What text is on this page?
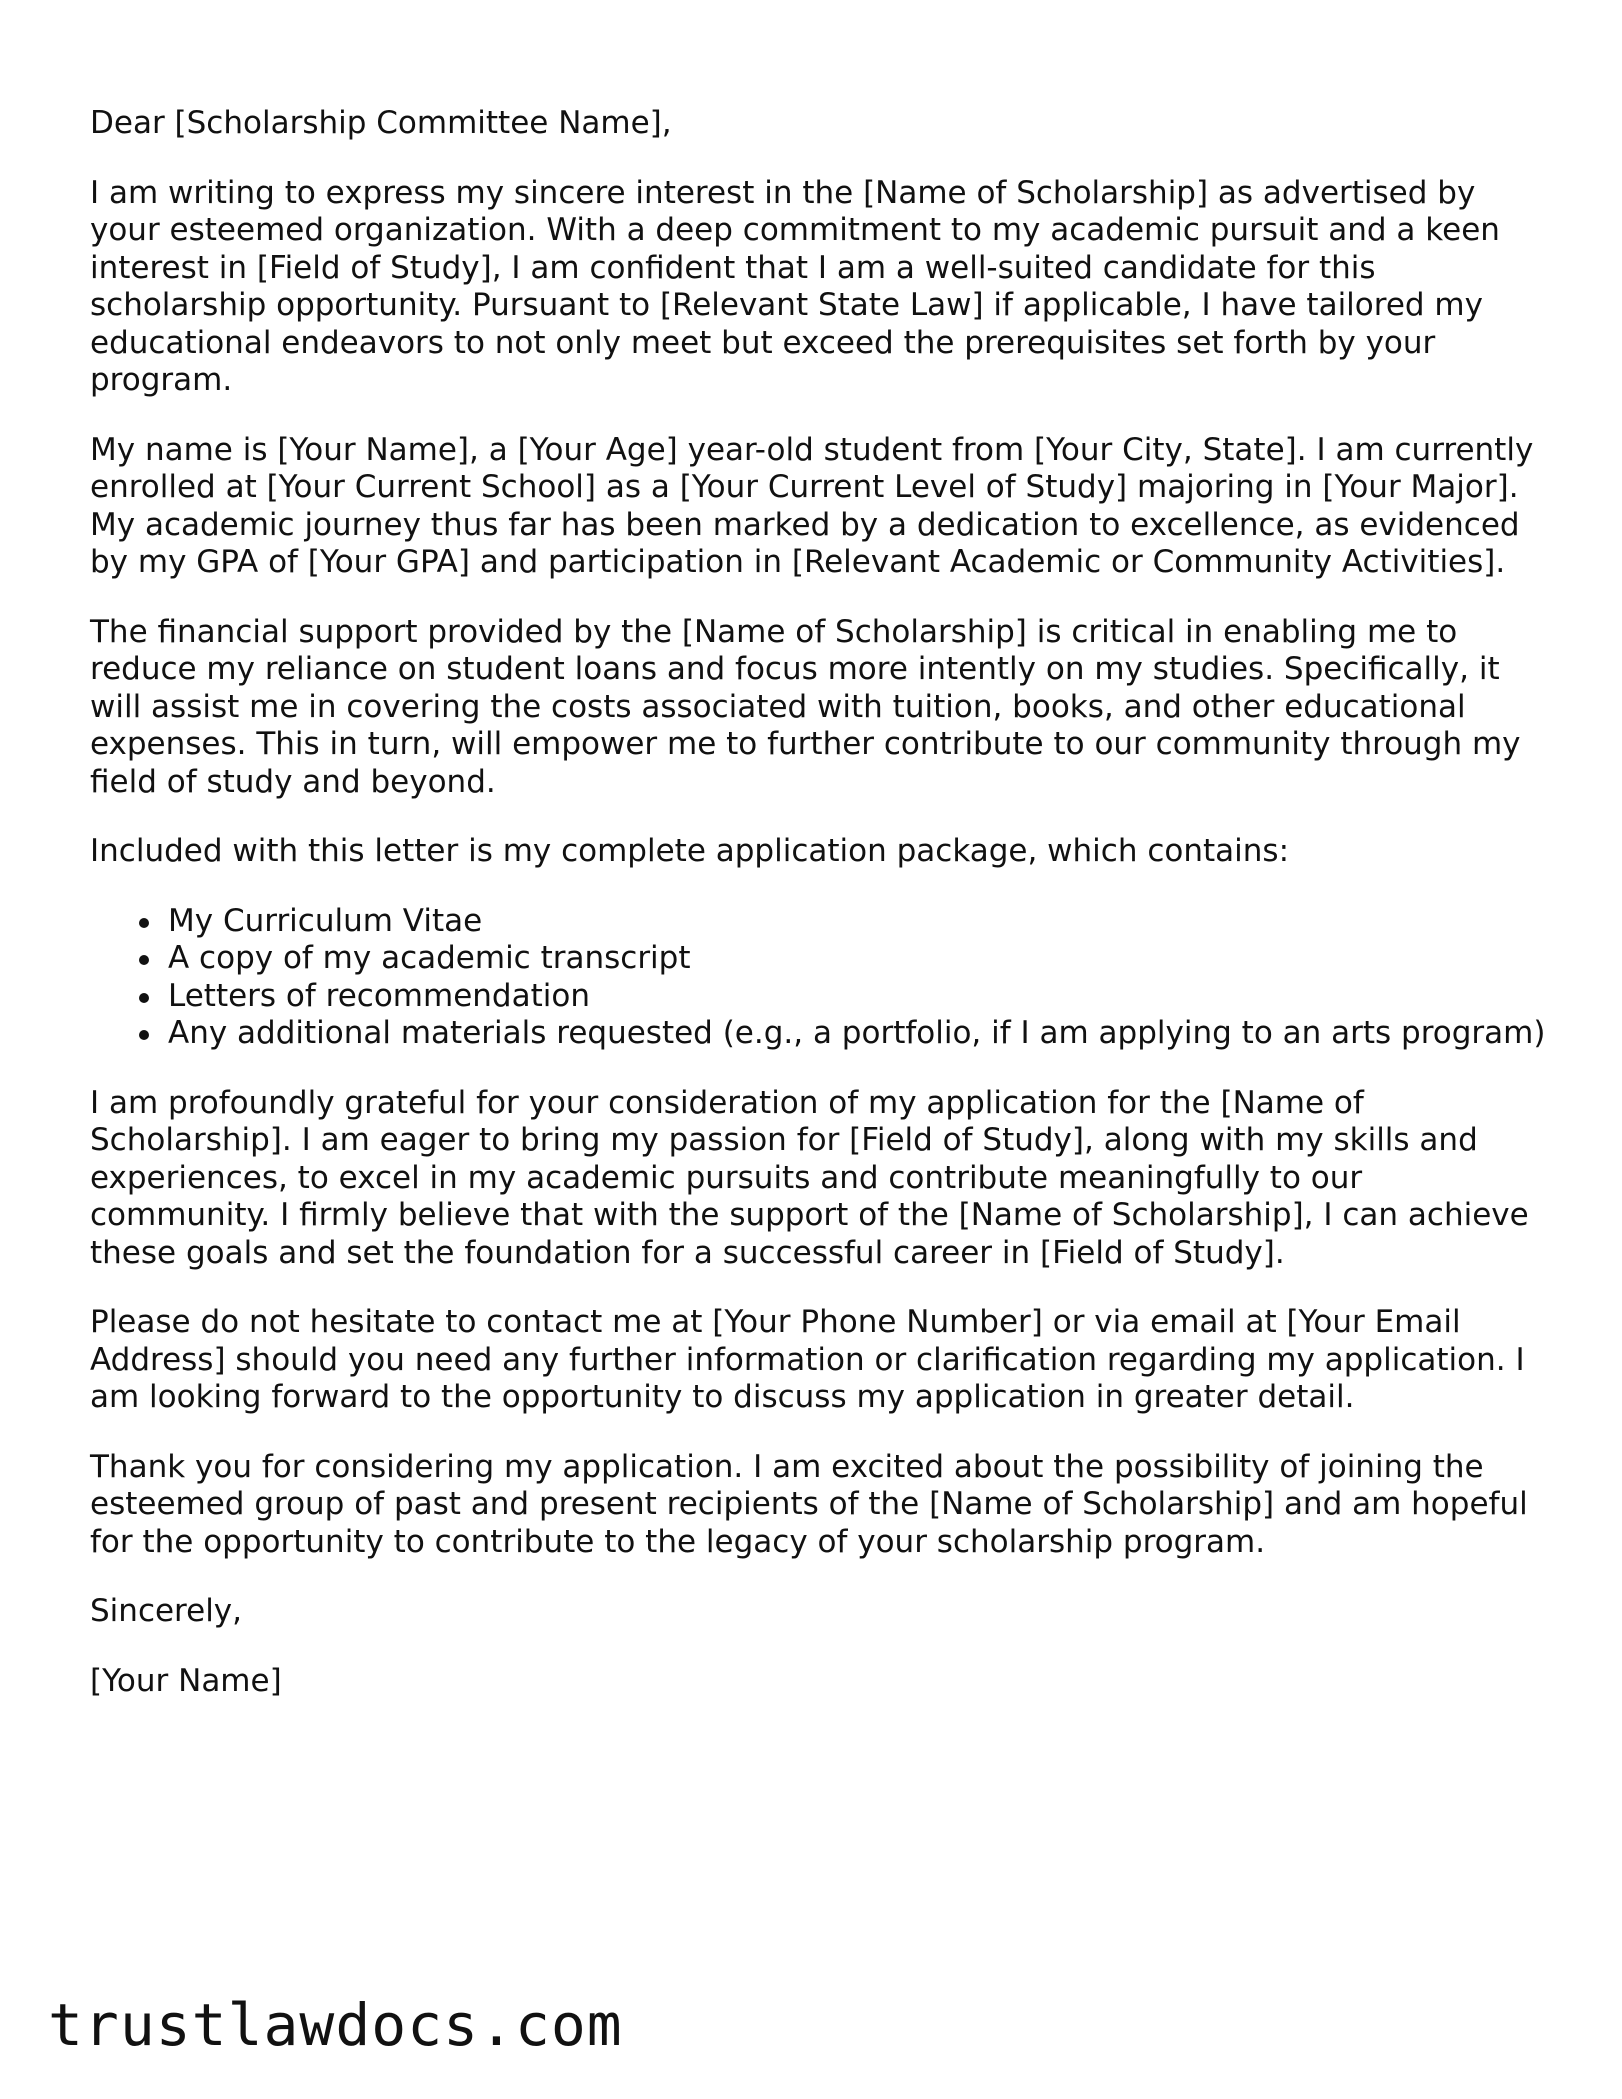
Dear [Scholarship Committee Name],

I am writing to express my sincere interest in the [Name of Scholarship] as advertised by your esteemed organization. With a deep commitment to my academic pursuit and a keen interest in [Field of Study], I am confident that I am a well-suited candidate for this scholarship opportunity. Pursuant to [Relevant State Law] if applicable, I have tailored my educational endeavors to not only meet but exceed the prerequisites set forth by your program.

My name is [Your Name], a [Your Age] year-old student from [Your City, State]. I am currently enrolled at [Your Current School] as a [Your Current Level of Study] majoring in [Your Major]. My academic journey thus far has been marked by a dedication to excellence, as evidenced by my GPA of [Your GPA] and participation in [Relevant Academic or Community Activities].

The financial support provided by the [Name of Scholarship] is critical in enabling me to reduce my reliance on student loans and focus more intently on my studies. Specifically, it will assist me in covering the costs associated with tuition, books, and other educational expenses. This in turn, will empower me to further contribute to our community through my field of study and beyond.

Included with this letter is my complete application package, which contains:

My Curriculum Vitae
A copy of my academic transcript
Letters of recommendation
Any additional materials requested (e.g., a portfolio, if I am applying to an arts program)

I am profoundly grateful for your consideration of my application for the [Name of Scholarship]. I am eager to bring my passion for [Field of Study], along with my skills and experiences, to excel in my academic pursuits and contribute meaningfully to our community. I firmly believe that with the support of the [Name of Scholarship], I can achieve these goals and set the foundation for a successful career in [Field of Study].

Please do not hesitate to contact me at [Your Phone Number] or via email at [Your Email Address] should you need any further information or clarification regarding my application. I am looking forward to the opportunity to discuss my application in greater detail.

Thank you for considering my application. I am excited about the possibility of joining the esteemed group of past and present recipients of the [Name of Scholarship] and am hopeful for the opportunity to contribute to the legacy of your scholarship program.

Sincerely,

[Your Name]

trustlawdocs.com
